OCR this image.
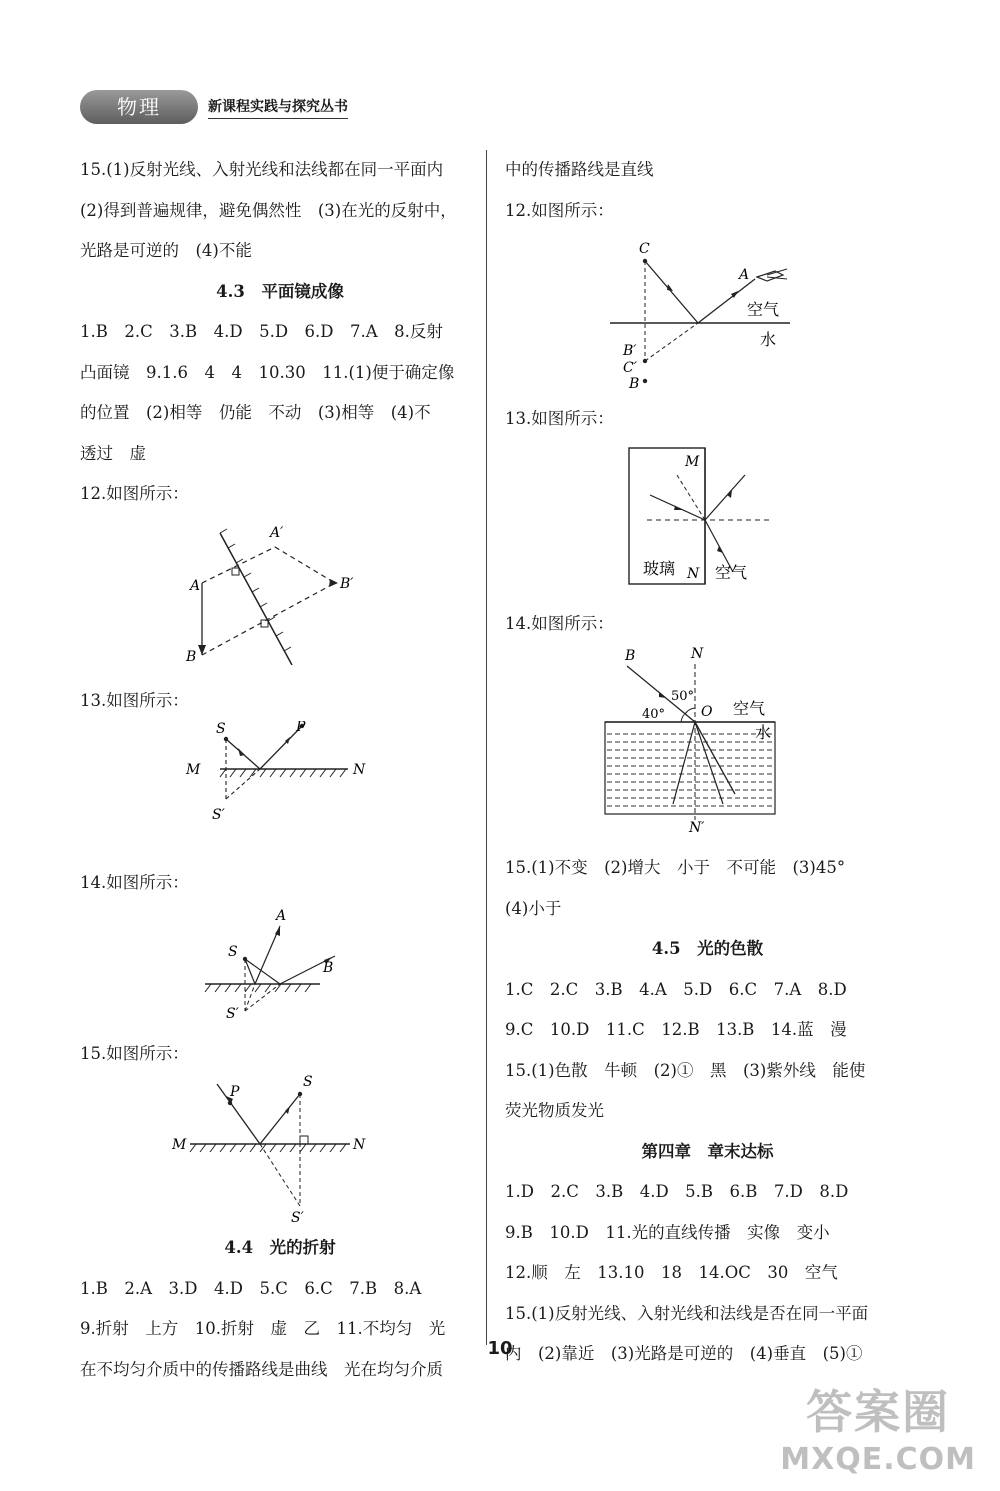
物理	新课程实践与探究丛书
15.(1)反射光线、入射光线和法线都在同一平面内
(2)得到普遍规律，避免偶然性　(3)在光的反射中，
光路是可逆的　(4)不能
4.3　平面镜成像
1.B　2.C　3.B　4.D　5.D　6.D　7.A　8.反射
凸面镜　9.1.6　4　4　10.30　11.(1)便于确定像
的位置　(2)相等　仍能　不动　(3)相等　(4)不
透过　虚
12.如图所示：
A
A′
B′
B
13.如图所示：
S	P
M	N
S′
14.如图所示：
S
A
B
S′
15.如图所示：
S
P
M	N
S′
4.4　光的折射
1.B　2.A　3.D　4.D　5.C　6.C　7.B　8.A
9.折射　上方　10.折射　虚　乙　11.不均匀　光
在不均匀介质中的传播路线是曲线　光在均匀介质
中的传播路线是直线
12.如图所示：
C
A
B′
C′
B
空气
水
13.如图所示：
M
N
玻璃 空气
14.如图所示：
B	N
50°
40°	O 空气
水
N′
15.(1)不变　(2)增大　小于　不可能　(3)45°
(4)小于
4.5　光的色散
1.C　2.C　3.B　4.A　5.D　6.C　7.A　8.D
9.C　10.D　11.C　12.B　13.B　14.蓝　漫
15.(1)色散　牛顿　(2)①　黑　(3)紫外线　能使
荧光物质发光
第四章　章末达标
1.D　2.C　3.B　4.D　5.B　6.B　7.D　8.D
9.B　10.D　11.光的直线传播　实像　变小
12.顺　左　13.10　18　14.OC　30　空气
15.(1)反射光线、入射光线和法线是否在同一平面
内　(2)靠近　(3)光路是可逆的　(4)垂直　(5)①
10
答案圈
MXQE.COM
